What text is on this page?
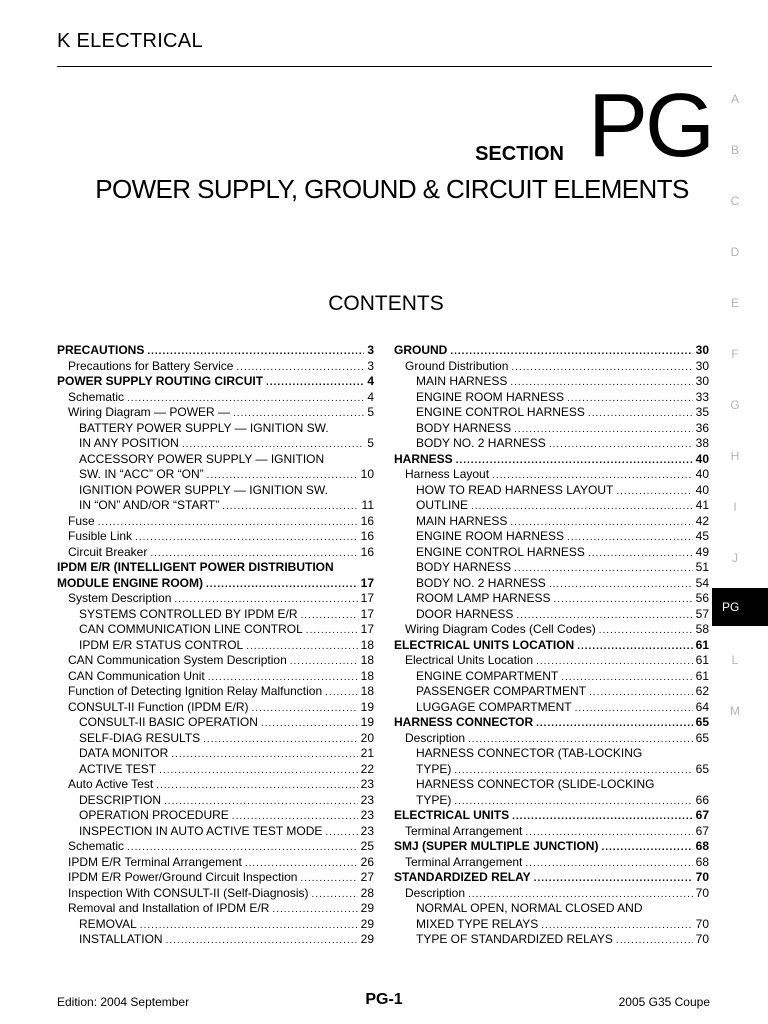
K ELECTRICAL
SECTION PG
POWER SUPPLY, GROUND & CIRCUIT ELEMENTS
CONTENTS
A
B
C
D
E
F
G
H
I
J
PG
L
M
PRECAUTIONS .....	3
Precautions for Battery Service .....	3
POWER SUPPLY ROUTING CIRCUIT .....	4
Schematic .....	4
Wiring Diagram — POWER — .....	5
BATTERY POWER SUPPLY — IGNITION SW.
IN ANY POSITION .....	5
ACCESSORY POWER SUPPLY — IGNITION
SW. IN “ACC” OR “ON” .....	10
IGNITION POWER SUPPLY — IGNITION SW.
IN “ON” AND/OR “START” .....	11
Fuse .....	16
Fusible Link .....	16
Circuit Breaker .....	16
IPDM E/R (INTELLIGENT POWER DISTRIBUTION
MODULE ENGINE ROOM) .....	17
System Description .....	17
SYSTEMS CONTROLLED BY IPDM E/R .....	17
CAN COMMUNICATION LINE CONTROL .....	17
IPDM E/R STATUS CONTROL .....	18
CAN Communication System Description .....	18
CAN Communication Unit .....	18
Function of Detecting Ignition Relay Malfunction .....	18
CONSULT-II Function (IPDM E/R) .....	19
CONSULT-II BASIC OPERATION .....	19
SELF-DIAG RESULTS .....	20
DATA MONITOR .....	21
ACTIVE TEST .....	22
Auto Active Test .....	23
DESCRIPTION .....	23
OPERATION PROCEDURE .....	23
INSPECTION IN AUTO ACTIVE TEST MODE .....	23
Schematic .....	25
IPDM E/R Terminal Arrangement .....	26
IPDM E/R Power/Ground Circuit Inspection .....	27
Inspection With CONSULT-II (Self-Diagnosis) .....	28
Removal and Installation of IPDM E/R .....	29
REMOVAL .....	29
INSTALLATION .....	29
GROUND .....	30
Ground Distribution .....	30
MAIN HARNESS .....	30
ENGINE ROOM HARNESS .....	33
ENGINE CONTROL HARNESS .....	35
BODY HARNESS .....	36
BODY NO. 2 HARNESS .....	38
HARNESS .....	40
Harness Layout .....	40
HOW TO READ HARNESS LAYOUT .....	40
OUTLINE .....	41
MAIN HARNESS .....	42
ENGINE ROOM HARNESS .....	45
ENGINE CONTROL HARNESS .....	49
BODY HARNESS .....	51
BODY NO. 2 HARNESS .....	54
ROOM LAMP HARNESS .....	56
DOOR HARNESS .....	57
Wiring Diagram Codes (Cell Codes) .....	58
ELECTRICAL UNITS LOCATION .....	61
Electrical Units Location .....	61
ENGINE COMPARTMENT .....	61
PASSENGER COMPARTMENT .....	62
LUGGAGE COMPARTMENT .....	64
HARNESS CONNECTOR .....	65
Description .....	65
HARNESS CONNECTOR (TAB-LOCKING
TYPE) .....	65
HARNESS CONNECTOR (SLIDE-LOCKING
TYPE) .....	66
ELECTRICAL UNITS .....	67
Terminal Arrangement .....	67
SMJ (SUPER MULTIPLE JUNCTION) .....	68
Terminal Arrangement .....	68
STANDARDIZED RELAY .....	70
Description .....	70
NORMAL OPEN, NORMAL CLOSED AND
MIXED TYPE RELAYS .....	70
TYPE OF STANDARDIZED RELAYS .....	70
Edition: 2004 September	PG-1	2005 G35 Coupe
